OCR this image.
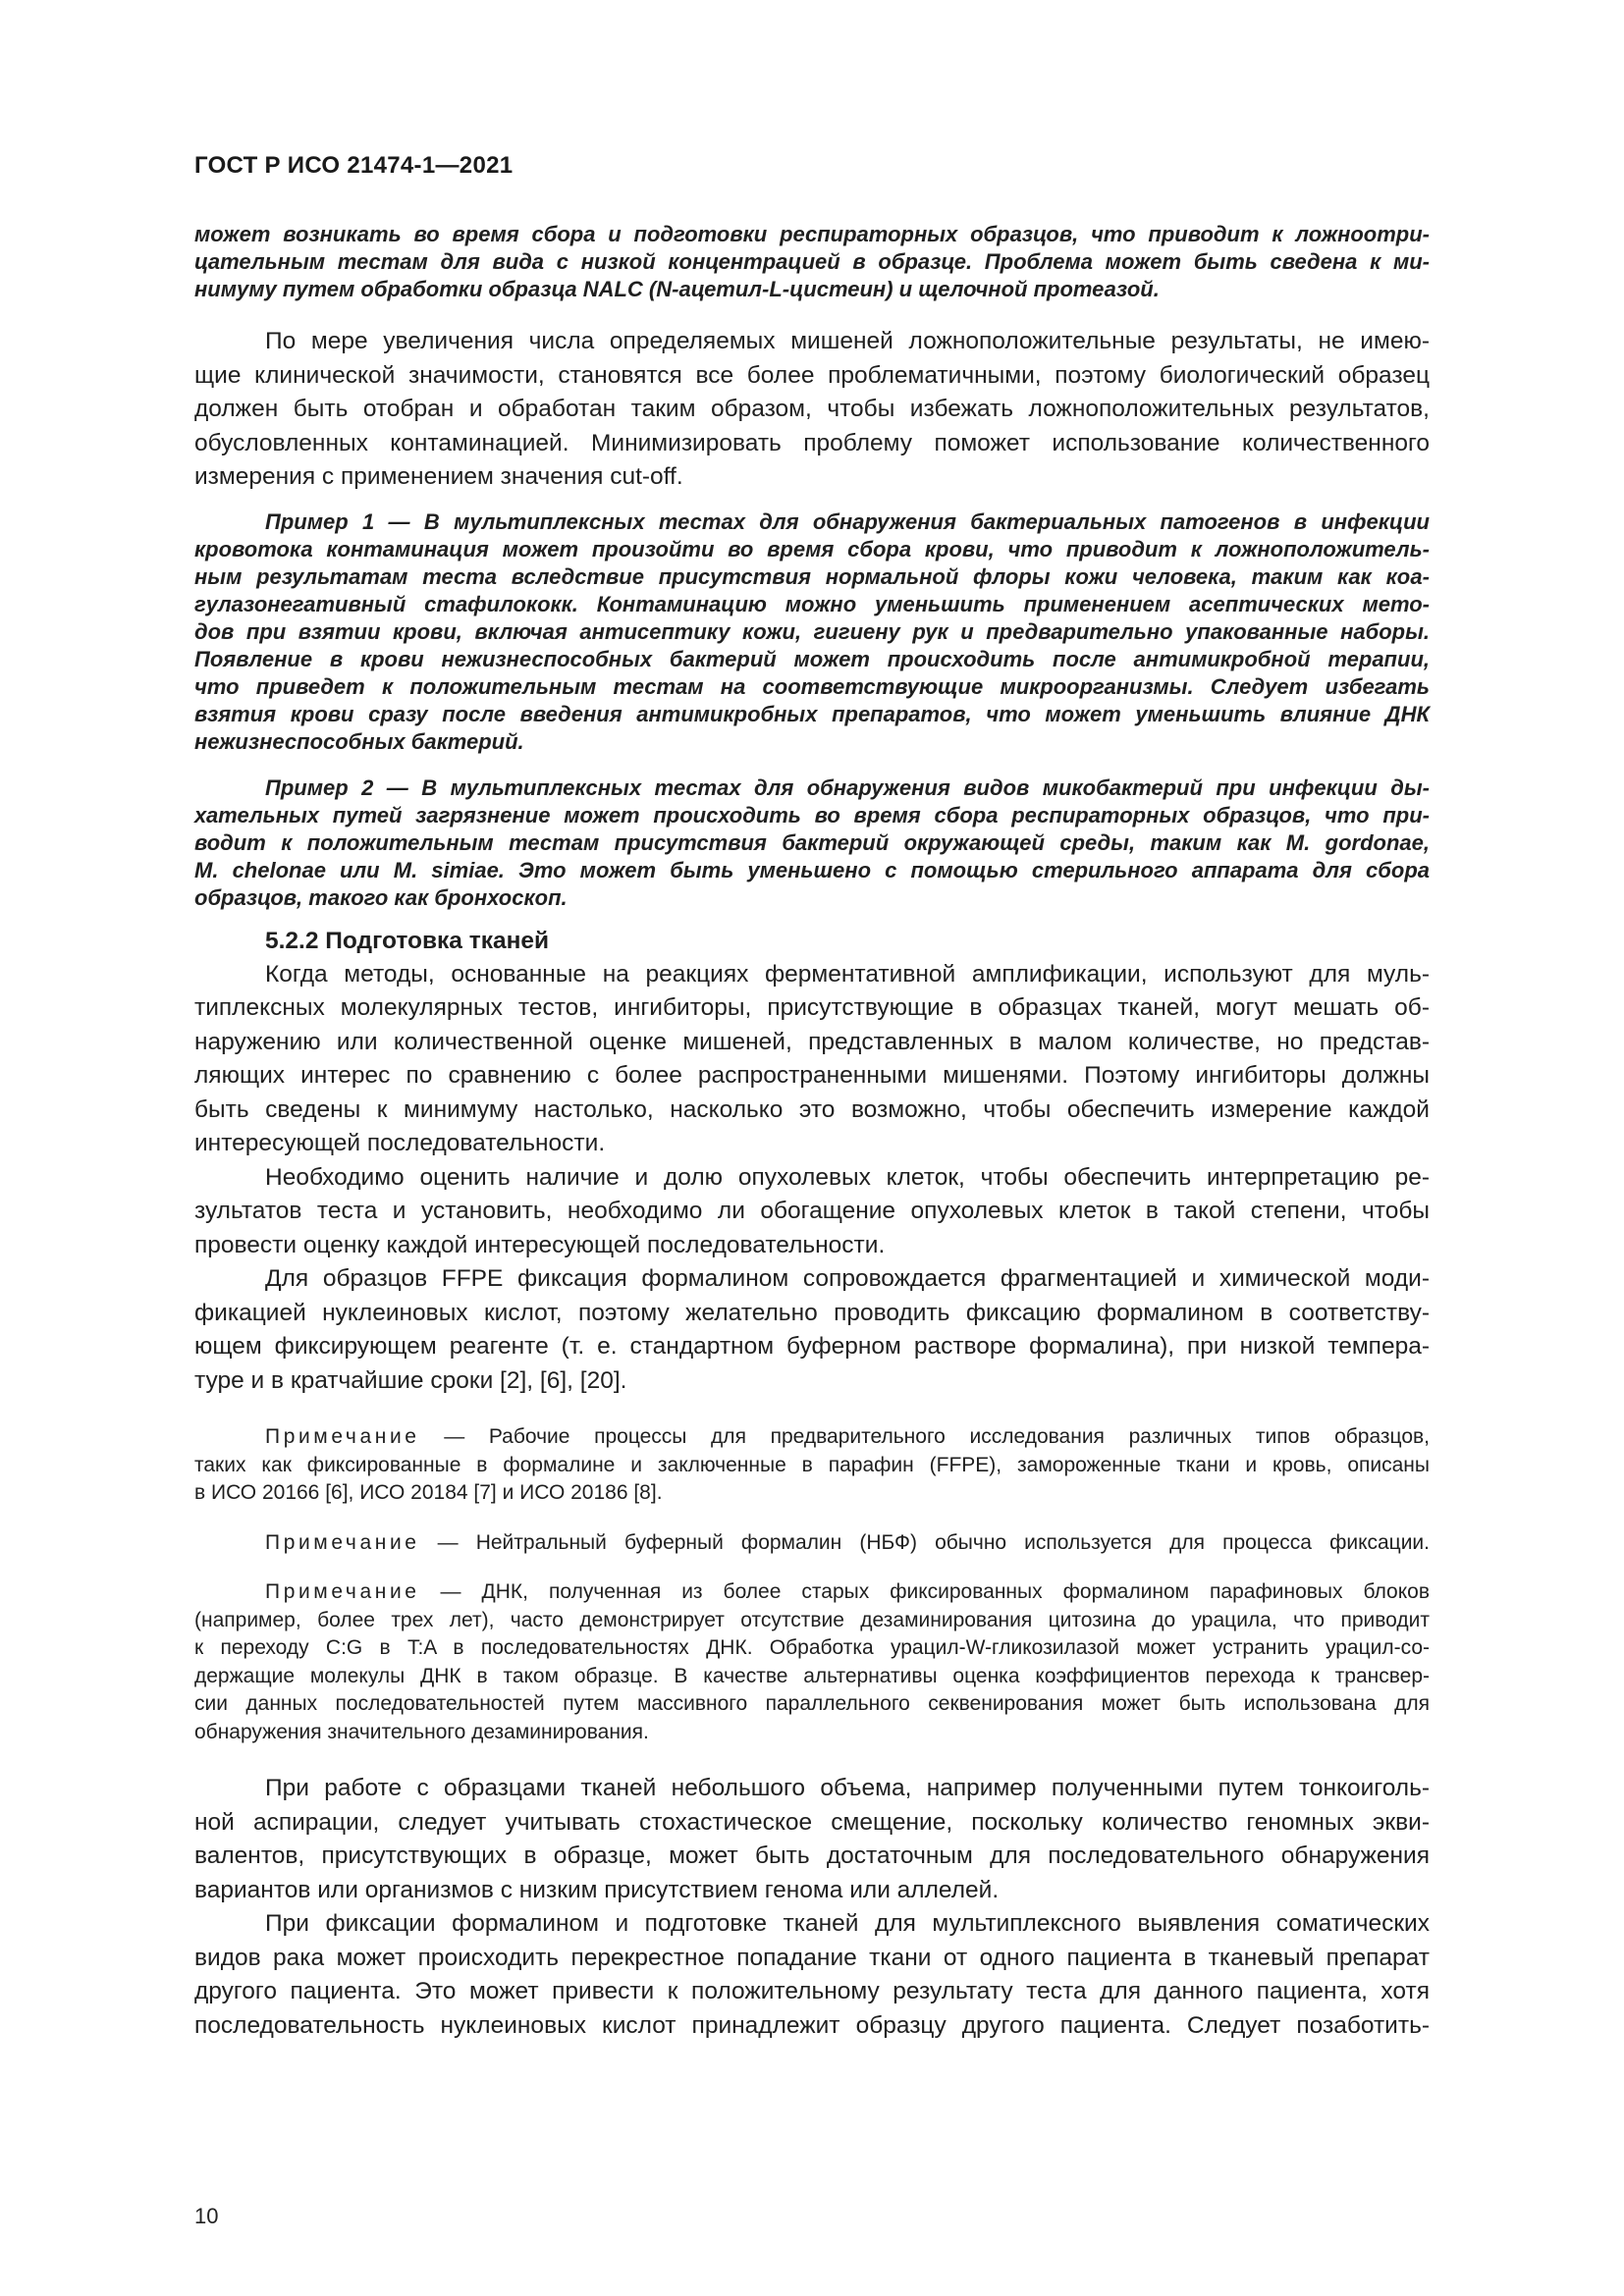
ГОСТ Р ИСО 21474-1—2021
может возникать во время сбора и подготовки респираторных образцов, что приводит к ложноотри-
цательным тестам для вида с низкой концентрацией в образце. Проблема может быть сведена к ми-
нимуму путем обработки образца NALC (N-ацетил-L-цистеин) и щелочной протеазой.
По мере увеличения числа определяемых мишеней ложноположительные результаты, не имею-
щие клинической значимости, становятся все более проблематичными, поэтому биологический образец
должен быть отобран и обработан таким образом, чтобы избежать ложноположительных результатов,
обусловленных контаминацией. Минимизировать проблему поможет использование количественного
измерения с применением значения cut-off.
Пример 1 — В мультиплексных тестах для обнаружения бактериальных патогенов в инфекции
кровотока контаминация может произойти во время сбора крови, что приводит к ложноположитель-
ным результатам теста вследствие присутствия нормальной флоры кожи человека, таким как коа-
гулазонегативный стафилококк. Контаминацию можно уменьшить применением асептических мето-
дов при взятии крови, включая антисептику кожи, гигиену рук и предварительно упакованные наборы.
Появление в крови нежизнеспособных бактерий может происходить после антимикробной терапии,
что приведет к положительным тестам на соответствующие микроорганизмы. Следует избегать
взятия крови сразу после введения антимикробных препаратов, что может уменьшить влияние ДНК
нежизнеспособных бактерий.
Пример 2 — В мультиплексных тестах для обнаружения видов микобактерий при инфекции ды-
хательных путей загрязнение может происходить во время сбора респираторных образцов, что при-
водит к положительным тестам присутствия бактерий окружающей среды, таким как M. gordonae,
M. chelonae или M. simiae. Это может быть уменьшено с помощью стерильного аппарата для сбора
образцов, такого как бронхоскоп.
5.2.2 Подготовка тканей
Когда методы, основанные на реакциях ферментативной амплификации, используют для муль-
типлексных молекулярных тестов, ингибиторы, присутствующие в образцах тканей, могут мешать об-
наружению или количественной оценке мишеней, представленных в малом количестве, но представ-
ляющих интерес по сравнению с более распространенными мишенями. Поэтому ингибиторы должны
быть сведены к минимуму настолько, насколько это возможно, чтобы обеспечить измерение каждой
интересующей последовательности.
Необходимо оценить наличие и долю опухолевых клеток, чтобы обеспечить интерпретацию ре-
зультатов теста и установить, необходимо ли обогащение опухолевых клеток в такой степени, чтобы
провести оценку каждой интересующей последовательности.
Для образцов FFPE фиксация формалином сопровождается фрагментацией и химической моди-
фикацией нуклеиновых кислот, поэтому желательно проводить фиксацию формалином в соответству-
ющем фиксирующем реагенте (т. е. стандартном буферном растворе формалина), при низкой темпера-
туре и в кратчайшие сроки [2], [6], [20].
Примечание — Рабочие процессы для предварительного исследования различных типов образцов,
таких как фиксированные в формалине и заключенные в парафин (FFPE), замороженные ткани и кровь, описаны
в ИСО 20166 [6], ИСО 20184 [7] и ИСО 20186 [8].
Примечание — Нейтральный буферный формалин (НБФ) обычно используется для процесса фиксации.
Примечание — ДНК, полученная из более старых фиксированных формалином парафиновых блоков
(например, более трех лет), часто демонстрирует отсутствие дезаминирования цитозина до урацила, что приводит
к переходу C:G в T:A в последовательностях ДНК. Обработка урацил-W-гликозилазой может устранить урацил-со-
держащие молекулы ДНК в таком образце. В качестве альтернативы оценка коэффициентов перехода к трансвер-
сии данных последовательностей путем массивного параллельного секвенирования может быть использована для
обнаружения значительного дезаминирования.
При работе с образцами тканей небольшого объема, например полученными путем тонкоиголь-
ной аспирации, следует учитывать стохастическое смещение, поскольку количество геномных экви-
валентов, присутствующих в образце, может быть достаточным для последовательного обнаружения
вариантов или организмов с низким присутствием генома или аллелей.
При фиксации формалином и подготовке тканей для мультиплексного выявления соматических
видов рака может происходить перекрестное попадание ткани от одного пациента в тканевый препарат
другого пациента. Это может привести к положительному результату теста для данного пациента, хотя
последовательность нуклеиновых кислот принадлежит образцу другого пациента. Следует позаботить-
10
